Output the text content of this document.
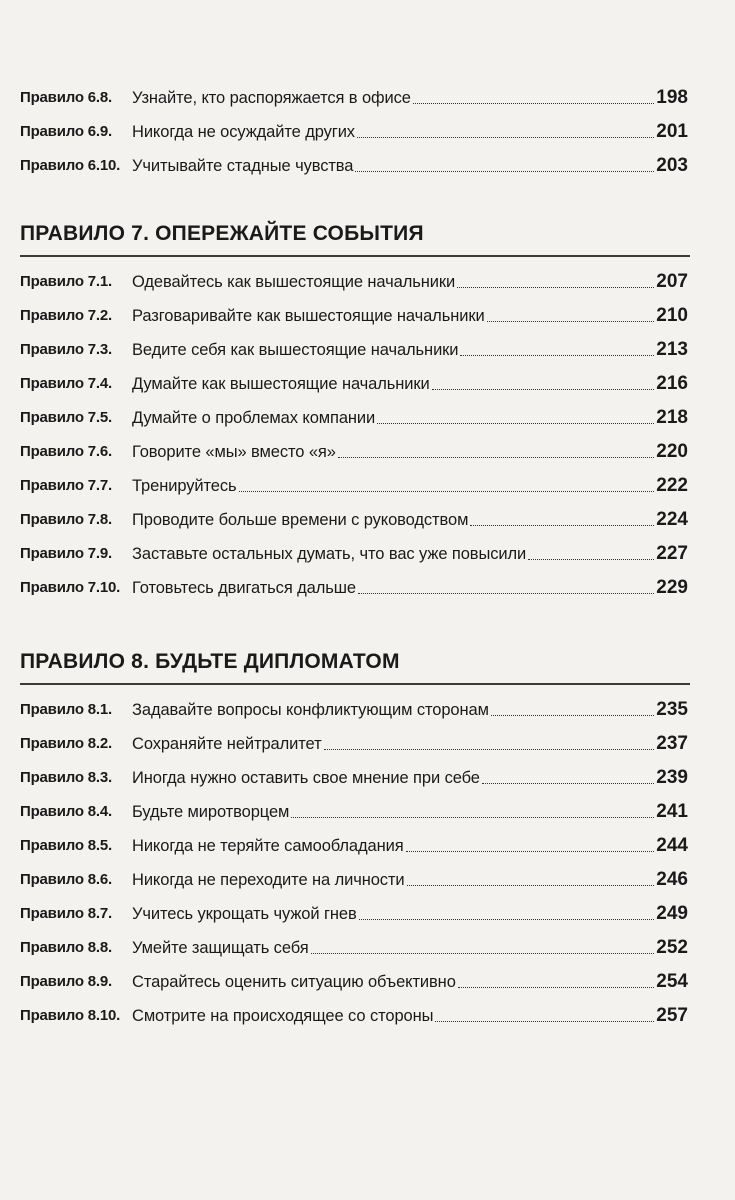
Правило 6.8.	Узнайте, кто распоряжается в офисе	198
Правило 6.9.	Никогда не осуждайте других	201
Правило 6.10. Учитывайте стадные чувства	203
ПРАВИЛО 7. ОПЕРЕЖАЙТЕ СОБЫТИЯ
Правило 7.1.	Одевайтесь как вышестоящие начальники	207
Правило 7.2.	Разговаривайте как вышестоящие начальники	210
Правило 7.3.	Ведите себя как вышестоящие начальники	213
Правило 7.4.	Думайте как вышестоящие начальники	216
Правило 7.5.	Думайте о проблемах компании	218
Правило 7.6.	Говорите «мы» вместо «я»	220
Правило 7.7.	Тренируйтесь	222
Правило 7.8.	Проводите больше времени с руководством	224
Правило 7.9.	Заставьте остальных думать, что вас уже повысили	227
Правило 7.10. Готовьтесь двигаться дальше	229
ПРАВИЛО 8. БУДЬТЕ ДИПЛОМАТОМ
Правило 8.1.	Задавайте вопросы конфликтующим сторонам	235
Правило 8.2.	Сохраняйте нейтралитет	237
Правило 8.3.	Иногда нужно оставить свое мнение при себе	239
Правило 8.4.	Будьте миротворцем	241
Правило 8.5.	Никогда не теряйте самообладания	244
Правило 8.6.	Никогда не переходите на личности	246
Правило 8.7.	Учитесь укрощать чужой гнев	249
Правило 8.8.	Умейте защищать себя	252
Правило 8.9.	Старайтесь оценить ситуацию объективно	254
Правило 8.10. Смотрите на происходящее со стороны	257
